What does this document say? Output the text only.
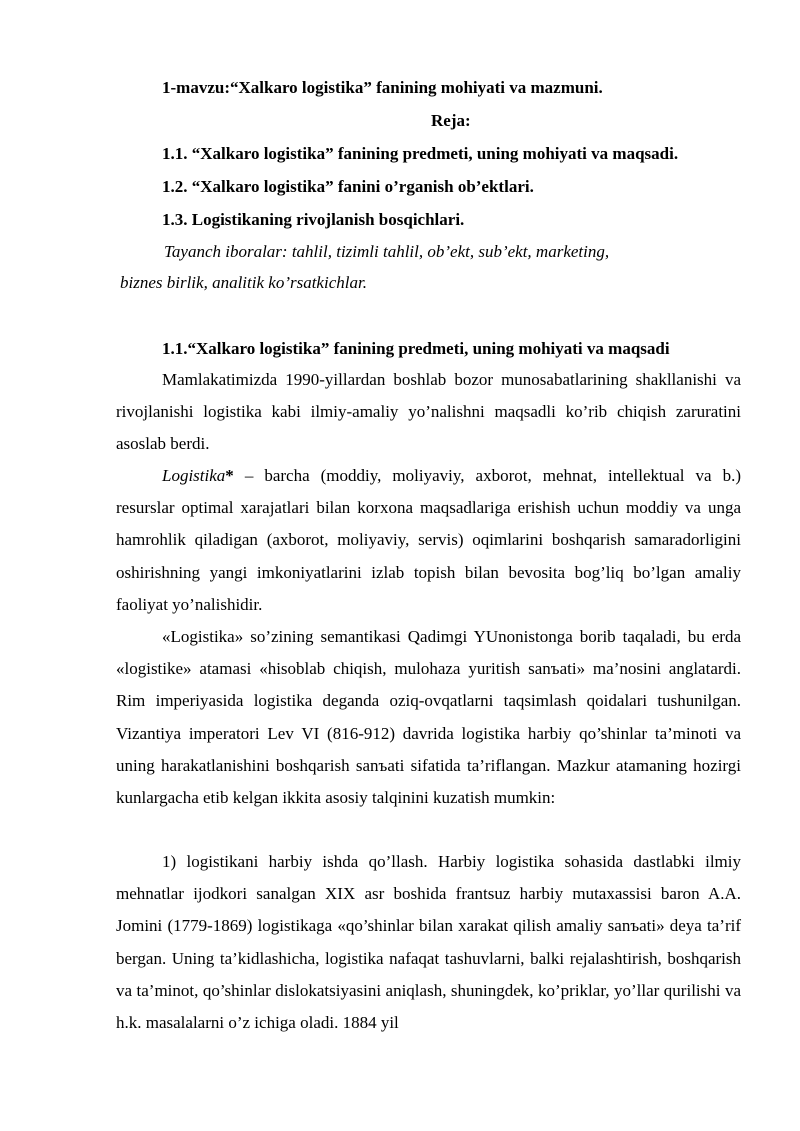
1-mavzu:“Xalkaro logistika” fanining mohiyati va mazmuni.
Reja:
1.1. “Xalkaro logistika” fanining predmeti, uning mohiyati va maqsadi.
1.2. “Xalkaro logistika” fanini o’rganish ob’ektlari.
1.3. Logistikaning rivojlanish bosqichlari.
Tayanch iboralar: tahlil, tizimli tahlil, ob’ekt, sub’ekt, marketing,
biznes birlik, analitik ko’rsatkichlar.
1.1.“Xalkaro logistika” fanining predmeti, uning mohiyati va maqsadi
Mamlakatimizda 1990-yillardan boshlab bozor munosabatlarining shakllanishi va rivojlanishi logistika kabi ilmiy-amaliy yo’nalishni maqsadli ko’rib chiqish zaruratini asoslab berdi.
Logistika* – barcha (moddiy, moliyaviy, axborot, mehnat, intellektual va b.) resurslar optimal xarajatlari bilan korxona maqsadlariga erishish uchun moddiy va unga hamrohlik qiladigan (axborot, moliyaviy, servis) oqimlarini boshqarish samaradorligini oshirishning yangi imkoniyatlarini izlab topish bilan bevosita bog’liq bo’lgan amaliy faoliyat yo’nalishidir.
«Logistika» so’zining semantikasi Qadimgi YUnonistonga borib taqaladi, bu erda «logistike» atamasi «hisoblab chiqish, mulohaza yuritish sanъati» ma’nosini anglatardi. Rim imperiyasida logistika deganda oziq-ovqatlarni taqsimlash qoidalari tushunilgan. Vizantiya imperatori Lev VI (816-912) davrida logistika harbiy qo’shinlar ta’minoti va uning harakatlanishini boshqarish sanъati sifatida ta’riflangan. Mazkur atamaning hozirgi kunlargacha etib kelgan ikkita asosiy talqinini kuzatish mumkin:
1) logistikani harbiy ishda qo’llash. Harbiy logistika sohasida dastlabki ilmiy mehnatlar ijodkori sanalgan XIX asr boshida frantsuz harbiy mutaxassisi baron A.A. Jomini (1779-1869) logistikaga «qo’shinlar bilan xarakat qilish amaliy sanъati» deya ta’rif bergan. Uning ta’kidlashicha, logistika nafaqat tashuvlarni, balki rejalashtirish, boshqarish va ta’minot, qo’shinlar dislokatsiyasini aniqlash, shuningdek, ko’priklar, yo’llar qurilishi va h.k. masalalarni o’z ichiga oladi. 1884 yil
